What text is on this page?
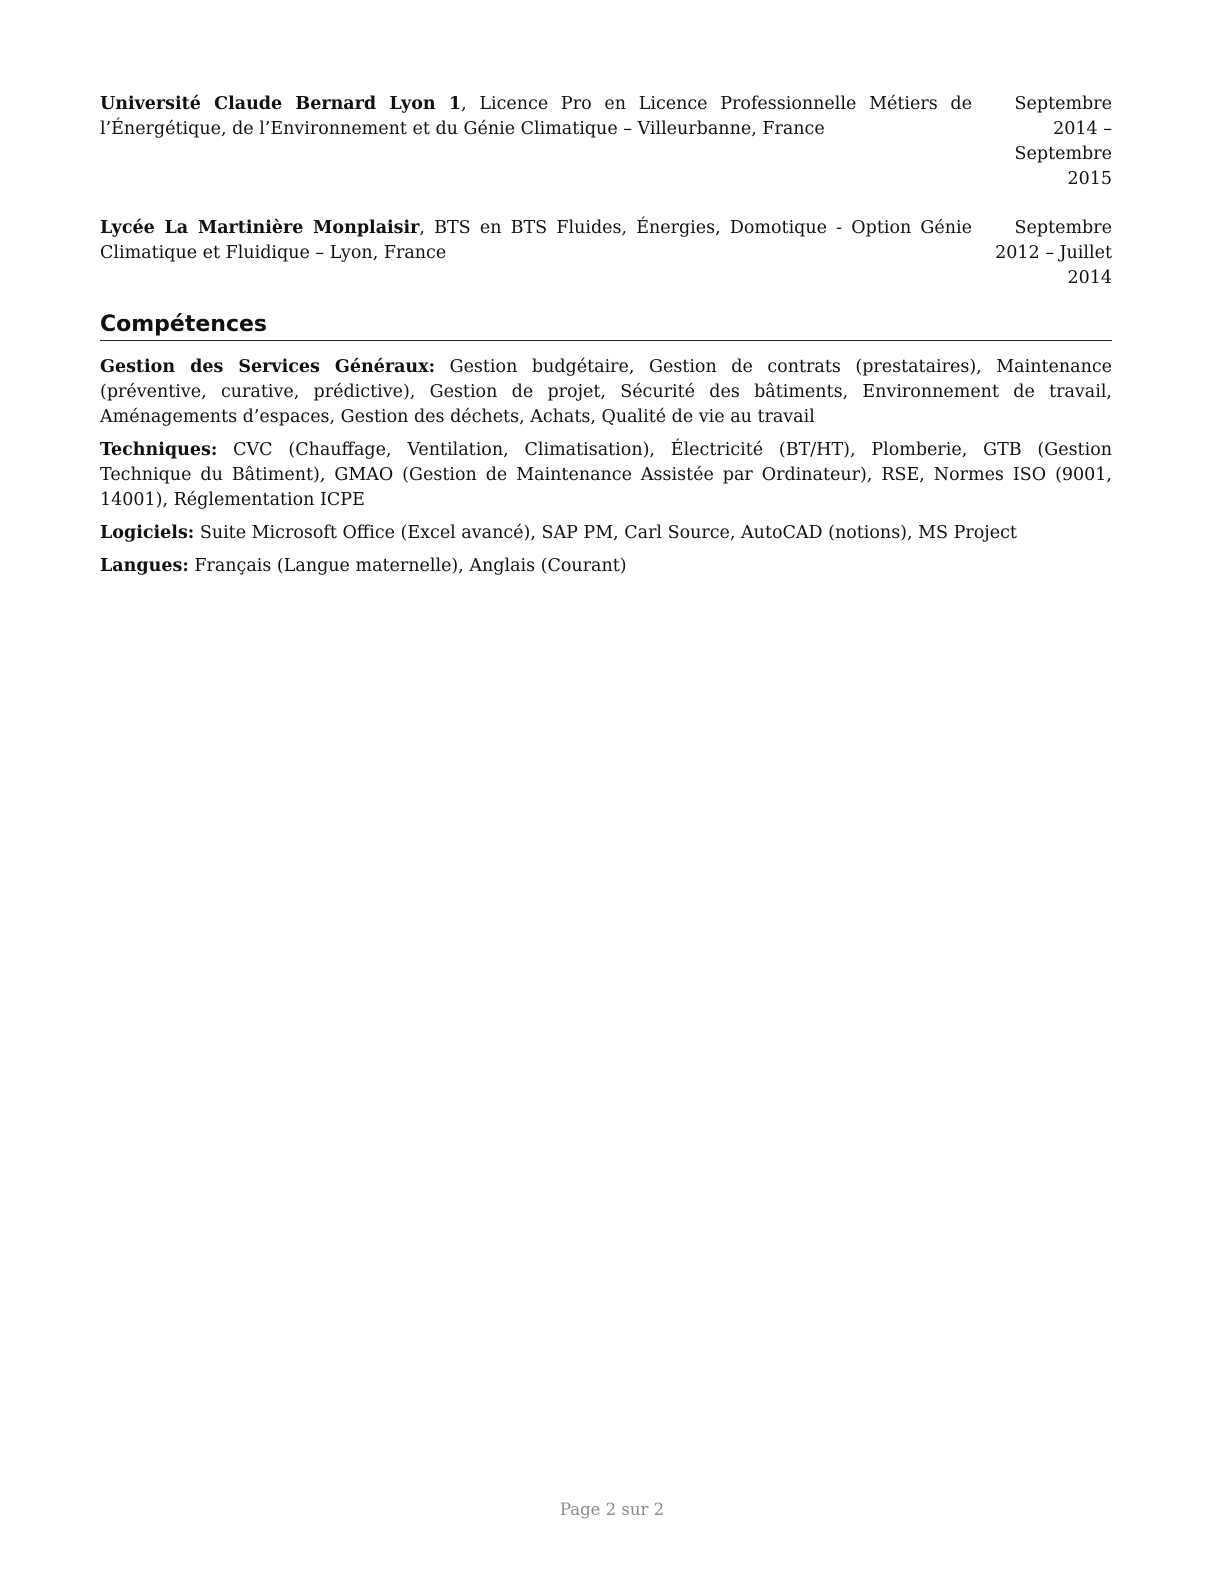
Université Claude Bernard Lyon 1, Licence Pro en Licence Professionnelle Métiers de l’Énergétique, de l’Environnement et du Génie Climatique – Villeurbanne, France
Septembre 2014 – Septembre 2015
Lycée La Martinière Monplaisir, BTS en BTS Fluides, Énergies, Domotique - Option Génie Climatique et Fluidique – Lyon, France
Septembre 2012 – Juillet 2014
Compétences
Gestion des Services Généraux: Gestion budgétaire, Gestion de contrats (prestataires), Maintenance (préventive, curative, prédictive), Gestion de projet, Sécurité des bâtiments, Environnement de travail, Aménagements d’espaces, Gestion des déchets, Achats, Qualité de vie au travail
Techniques: CVC (Chauffage, Ventilation, Climatisation), Électricité (BT/HT), Plomberie, GTB (Gestion Technique du Bâtiment), GMAO (Gestion de Maintenance Assistée par Ordinateur), RSE, Normes ISO (9001, 14001), Réglementation ICPE
Logiciels: Suite Microsoft Office (Excel avancé), SAP PM, Carl Source, AutoCAD (notions), MS Project
Langues: Français (Langue maternelle), Anglais (Courant)
Page 2 sur 2
